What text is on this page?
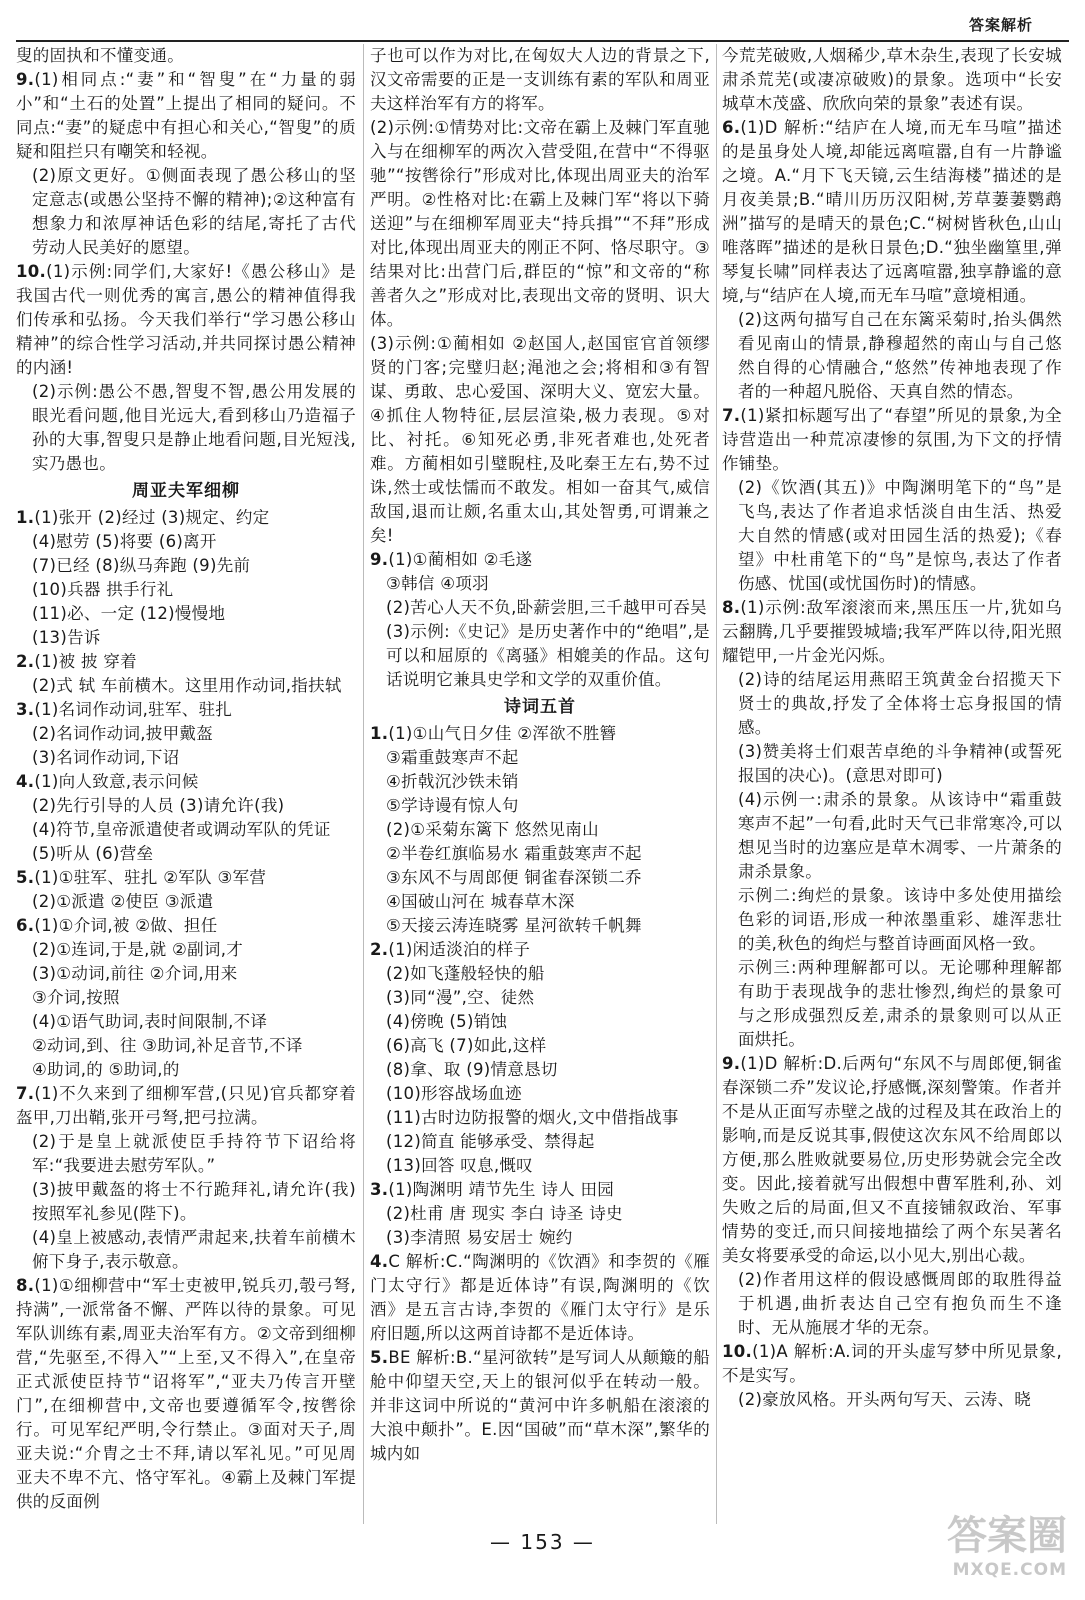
答案解析

叟的固执和不懂变通。

9.(1)相同点:“妻”和“智叟”在“力量的弱小”和“土石的处置”上提出了相同的疑问。不同点:“妻”的疑虑中有担心和关心,“智叟”的质疑和阻拦只有嘲笑和轻视。

(2)原文更好。①侧面表现了愚公移山的坚定意志(或愚公坚持不懈的精神);②这种富有想象力和浓厚神话色彩的结尾,寄托了古代劳动人民美好的愿望。

10.(1)示例:同学们,大家好!《愚公移山》是我国古代一则优秀的寓言,愚公的精神值得我们传承和弘扬。今天我们举行“学习愚公移山精神”的综合性学习活动,并共同探讨愚公精神的内涵!

(2)示例:愚公不愚,智叟不智,愚公用发展的眼光看问题,他目光远大,看到移山乃造福子孙的大事,智叟只是静止地看问题,目光短浅,实乃愚也。

周亚夫军细柳

1.(1)张开 (2)经过 (3)规定、约定

(4)慰劳 (5)将要 (6)离开

(7)已经 (8)纵马奔跑 (9)先前

(10)兵器 拱手行礼

(11)必、一定 (12)慢慢地

(13)告诉

2.(1)被 披 穿着

(2)式 轼 车前横木。这里用作动词,指扶轼

3.(1)名词作动词,驻军、驻扎

(2)名词作动词,披甲戴盔

(3)名词作动词,下诏

4.(1)向人致意,表示问候

(2)先行引导的人员 (3)请允许(我)

(4)符节,皇帝派遣使者或调动军队的凭证

(5)听从 (6)营垒

5.(1)①驻军、驻扎 ②军队 ③军营

(2)①派遣 ②使臣 ③派遣

6.(1)①介词,被 ②做、担任

(2)①连词,于是,就 ②副词,才

(3)①动词,前往 ②介词,用来

③介词,按照

(4)①语气助词,表时间限制,不译

②动词,到、往 ③助词,补足音节,不译

④助词,的 ⑤助词,的

7.(1)不久来到了细柳军营,(只见)官兵都穿着盔甲,刀出鞘,张开弓弩,把弓拉满。

(2)于是皇上就派使臣手持符节下诏给将军:“我要进去慰劳军队。”

(3)披甲戴盔的将士不行跪拜礼,请允许(我)按照军礼参见(陛下)。

(4)皇上被感动,表情严肃起来,扶着车前横木俯下身子,表示敬意。

8.(1)①细柳营中“军士吏被甲,锐兵刃,彀弓弩,持满”,一派常备不懈、严阵以待的景象。可见军队训练有素,周亚夫治军有方。②文帝到细柳营,“先驱至,不得入”“上至,又不得入”,在皇帝正式派使臣持节“诏将军”,“亚夫乃传言开壁门”,在细柳营中,文帝也要遵循军令,按辔徐行。可见军纪严明,令行禁止。③面对天子,周亚夫说:“介胄之士不拜,请以军礼见。”可见周亚夫不卑不亢、恪守军礼。④霸上及棘门军提供的反面例

子也可以作为对比,在匈奴大人边的背景之下,汉文帝需要的正是一支训练有素的军队和周亚夫这样治军有方的将军。

(2)示例:①情势对比:文帝在霸上及棘门军直驰入与在细柳军的两次入营受阻,在营中“不得驱驰”“按辔徐行”形成对比,体现出周亚夫的治军严明。②性格对比:在霸上及棘门军“将以下骑送迎”与在细柳军周亚夫“持兵揖”“不拜”形成对比,体现出周亚夫的刚正不阿、恪尽职守。③结果对比:出营门后,群臣的“惊”和文帝的“称善者久之”形成对比,表现出文帝的贤明、识大体。

(3)示例:①蔺相如 ②赵国人,赵国宦官首领缪贤的门客;完璧归赵;渑池之会;将相和③有智谋、勇敢、忠心爱国、深明大义、宽宏大量。④抓住人物特征,层层渲染,极力表现。⑤对比、衬托。⑥知死必勇,非死者难也,处死者难。方蔺相如引璧睨柱,及叱秦王左右,势不过诛,然士或怯懦而不敢发。相如一奋其气,威信敌国,退而让颇,名重太山,其处智勇,可谓兼之矣!

9.(1)①蔺相如 ②毛遂

③韩信 ④项羽

(2)苦心人天不负,卧薪尝胆,三千越甲可吞吴

(3)示例:《史记》是历史著作中的“绝唱”,是可以和屈原的《离骚》相媲美的作品。这句话说明它兼具史学和文学的双重价值。

诗词五首

1.(1)①山气日夕佳 ②浑欲不胜簪

③霜重鼓寒声不起

④折戟沉沙铁未销

⑤学诗谩有惊人句

(2)①采菊东篱下 悠然见南山

②半卷红旗临易水 霜重鼓寒声不起

③东风不与周郎便 铜雀春深锁二乔

④国破山河在 城春草木深

⑤天接云涛连晓雾 星河欲转千帆舞

2.(1)闲适淡泊的样子

(2)如飞蓬般轻快的船

(3)同“漫”,空、徒然

(4)傍晚 (5)销蚀

(6)高飞 (7)如此,这样

(8)拿、取 (9)情意恳切

(10)形容战场血迹

(11)古时边防报警的烟火,文中借指战事

(12)简直 能够承受、禁得起

(13)回答 叹息,慨叹

3.(1)陶渊明 靖节先生 诗人 田园

(2)杜甫 唐 现实 李白 诗圣 诗史

(3)李清照 易安居士 婉约

4.C 解析:C.“陶渊明的《饮酒》和李贺的《雁门太守行》都是近体诗”有误,陶渊明的《饮酒》是五言古诗,李贺的《雁门太守行》是乐府旧题,所以这两首诗都不是近体诗。

5.BE 解析:B.“星河欲转”是写词人从颠簸的船舱中仰望天空,天上的银河似乎在转动一般。并非这词中所说的“黄河中许多帆船在滚滚的大浪中颠扑”。E.因“国破”而“草木深”,繁华的城内如

今荒芜破败,人烟稀少,草木杂生,表现了长安城肃杀荒芜(或凄凉破败)的景象。选项中“长安城草木茂盛、欣欣向荣的景象”表述有误。

6.(1)D 解析:“结庐在人境,而无车马喧”描述的是虽身处人境,却能远离喧嚣,自有一片静谧之境。A.“月下飞天镜,云生结海楼”描述的是月夜美景;B.“晴川历历汉阳树,芳草萋萋鹦鹉洲”描写的是晴天的景色;C.“树树皆秋色,山山唯落晖”描述的是秋日景色;D.“独坐幽篁里,弹琴复长啸”同样表达了远离喧嚣,独享静谧的意境,与“结庐在人境,而无车马喧”意境相通。

(2)这两句描写自己在东篱采菊时,抬头偶然看见南山的情景,静穆超然的南山与自己悠然自得的心情融合,“悠然”传神地表现了作者的一种超凡脱俗、天真自然的情态。

7.(1)紧扣标题写出了“春望”所见的景象,为全诗营造出一种荒凉凄惨的氛围,为下文的抒情作铺垫。

(2)《饮酒(其五)》中陶渊明笔下的“鸟”是飞鸟,表达了作者追求恬淡自由生活、热爱大自然的情感(或对田园生活的热爱);《春望》中杜甫笔下的“鸟”是惊鸟,表达了作者伤感、忧国(或忧国伤时)的情感。

8.(1)示例:敌军滚滚而来,黑压压一片,犹如乌云翻腾,几乎要摧毁城墙;我军严阵以待,阳光照耀铠甲,一片金光闪烁。

(2)诗的结尾运用燕昭王筑黄金台招揽天下贤士的典故,抒发了全体将士忘身报国的情感。

(3)赞美将士们艰苦卓绝的斗争精神(或誓死报国的决心)。(意思对即可)

(4)示例一:肃杀的景象。从该诗中“霜重鼓寒声不起”一句看,此时天气已非常寒冷,可以想见当时的边塞应是草木凋零、一片萧条的肃杀景象。

示例二:绚烂的景象。该诗中多处使用描绘色彩的词语,形成一种浓墨重彩、雄浑悲壮的美,秋色的绚烂与整首诗画面风格一致。

示例三:两种理解都可以。无论哪种理解都有助于表现战争的悲壮惨烈,绚烂的景象可与之形成强烈反差,肃杀的景象则可以从正面烘托。

9.(1)D 解析:D.后两句“东风不与周郎便,铜雀春深锁二乔”发议论,抒感慨,深刻警策。作者并不是从正面写赤壁之战的过程及其在政治上的影响,而是反说其事,假使这次东风不给周郎以方便,那么胜败就要易位,历史形势就会完全改变。因此,接着就写出假想中曹军胜利,孙、刘失败之后的局面,但又不直接铺叙政治、军事情势的变迁,而只间接地描绘了两个东吴著名美女将要承受的命运,以小见大,别出心裁。

(2)作者用这样的假设感慨周郎的取胜得益于机遇,曲折表达自己空有抱负而生不逢时、无从施展才华的无奈。

10.(1)A 解析:A.词的开头虚写梦中所见景象,不是实写。

(2)豪放风格。开头两句写天、云涛、晓

— 153 —	答案圈
MXQE.COM
